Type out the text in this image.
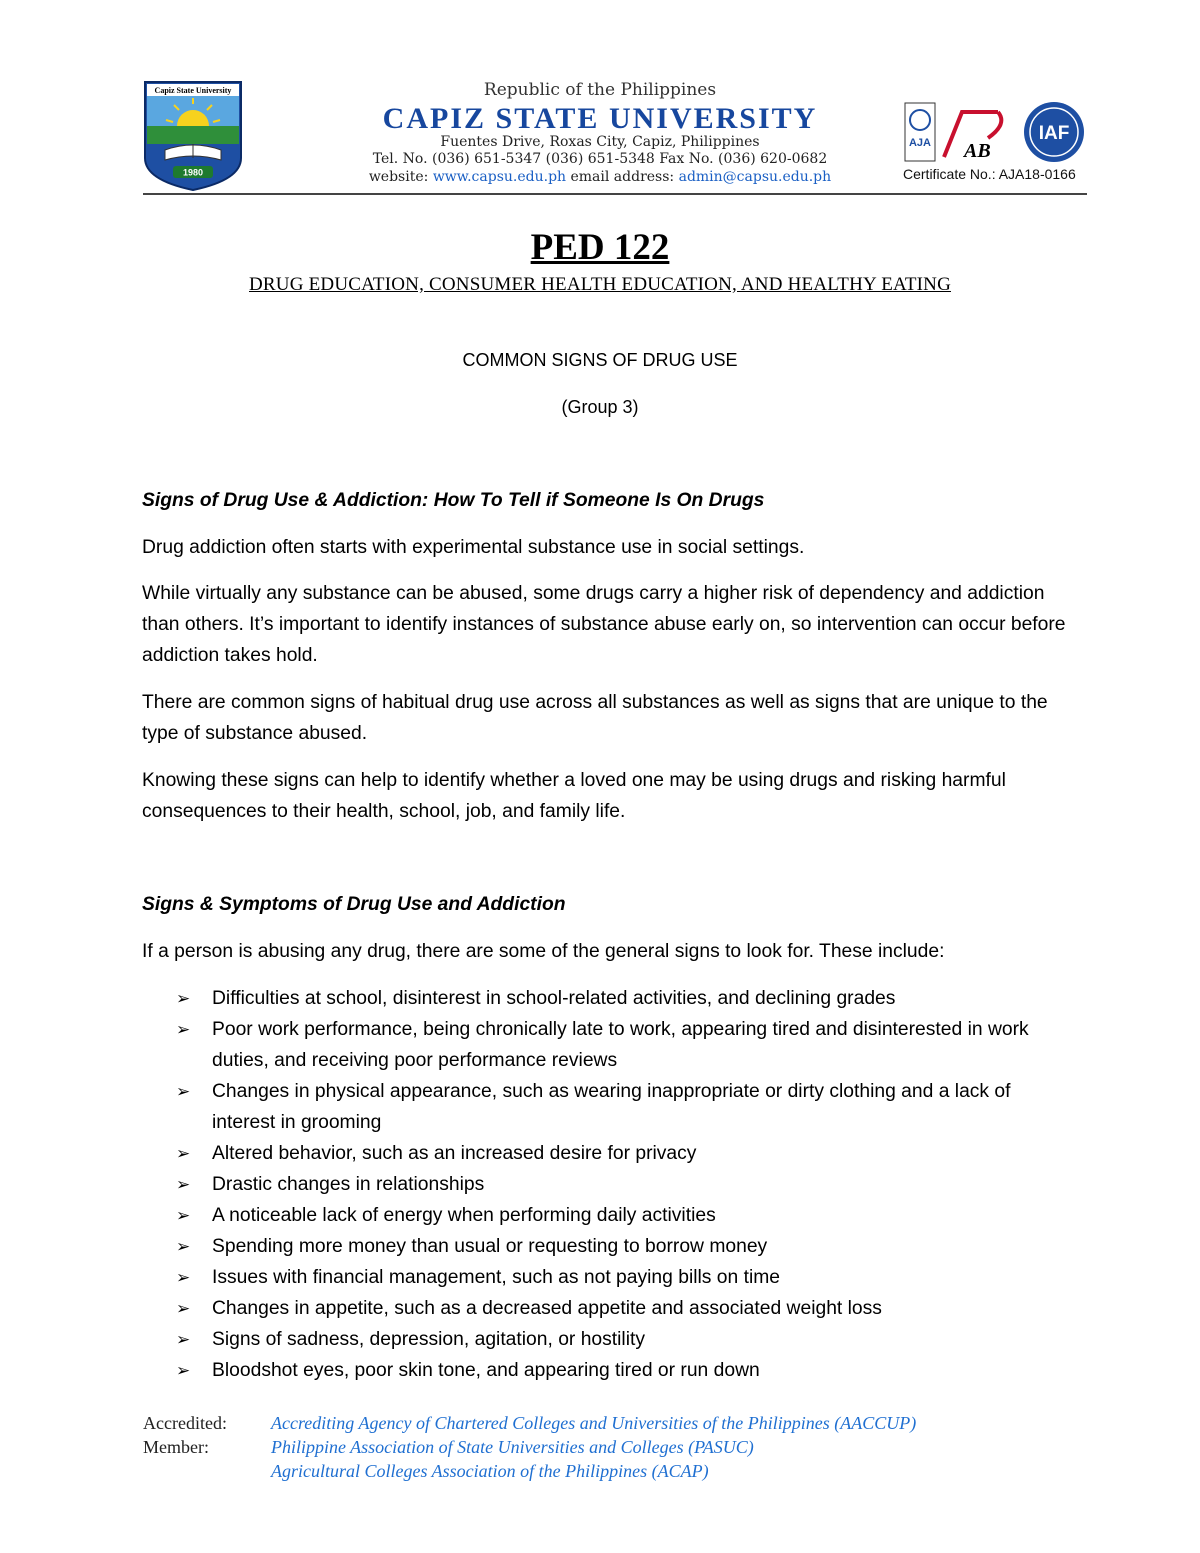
Capiz State University
1980
Republic of the Philippines
CAPIZ STATE UNIVERSITY
Fuentes Drive, Roxas City, Capiz, Philippines
Tel. No. (036) 651-5347 (036) 651-5348 Fax No. (036) 620-0682
website: www.capsu.edu.ph email address: admin@capsu.edu.ph
AJA AB
IAF
Certificate No.: AJA18-0166
PED 122
DRUG EDUCATION, CONSUMER HEALTH EDUCATION, AND HEALTHY EATING
COMMON SIGNS OF DRUG USE
(Group 3)
Signs of Drug Use & Addiction: How To Tell if Someone Is On Drugs
Drug addiction often starts with experimental substance use in social settings.
While virtually any substance can be abused, some drugs carry a higher risk of dependency and addiction than others. It’s important to identify instances of substance abuse early on, so intervention can occur before addiction takes hold.
There are common signs of habitual drug use across all substances as well as signs that are unique to the type of substance abused.
Knowing these signs can help to identify whether a loved one may be using drugs and risking harmful consequences to their health, school, job, and family life.
Signs & Symptoms of Drug Use and Addiction
If a person is abusing any drug, there are some of the general signs to look for. These include:
➢	Difficulties at school, disinterest in school-related activities, and declining grades
➢	Poor work performance, being chronically late to work, appearing tired and disinterested in work duties, and receiving poor performance reviews
➢	Changes in physical appearance, such as wearing inappropriate or dirty clothing and a lack of interest in grooming
➢	Altered behavior, such as an increased desire for privacy
➢	Drastic changes in relationships
➢	A noticeable lack of energy when performing daily activities
➢	Spending more money than usual or requesting to borrow money
➢	Issues with financial management, such as not paying bills on time
➢	Changes in appetite, such as a decreased appetite and associated weight loss
➢	Signs of sadness, depression, agitation, or hostility
➢	Bloodshot eyes, poor skin tone, and appearing tired or run down
Accredited: Accrediting Agency of Chartered Colleges and Universities of the Philippines (AACCUP)
Member:	Philippine Association of State Universities and Colleges (PASUC)
Agricultural Colleges Association of the Philippines (ACAP)
